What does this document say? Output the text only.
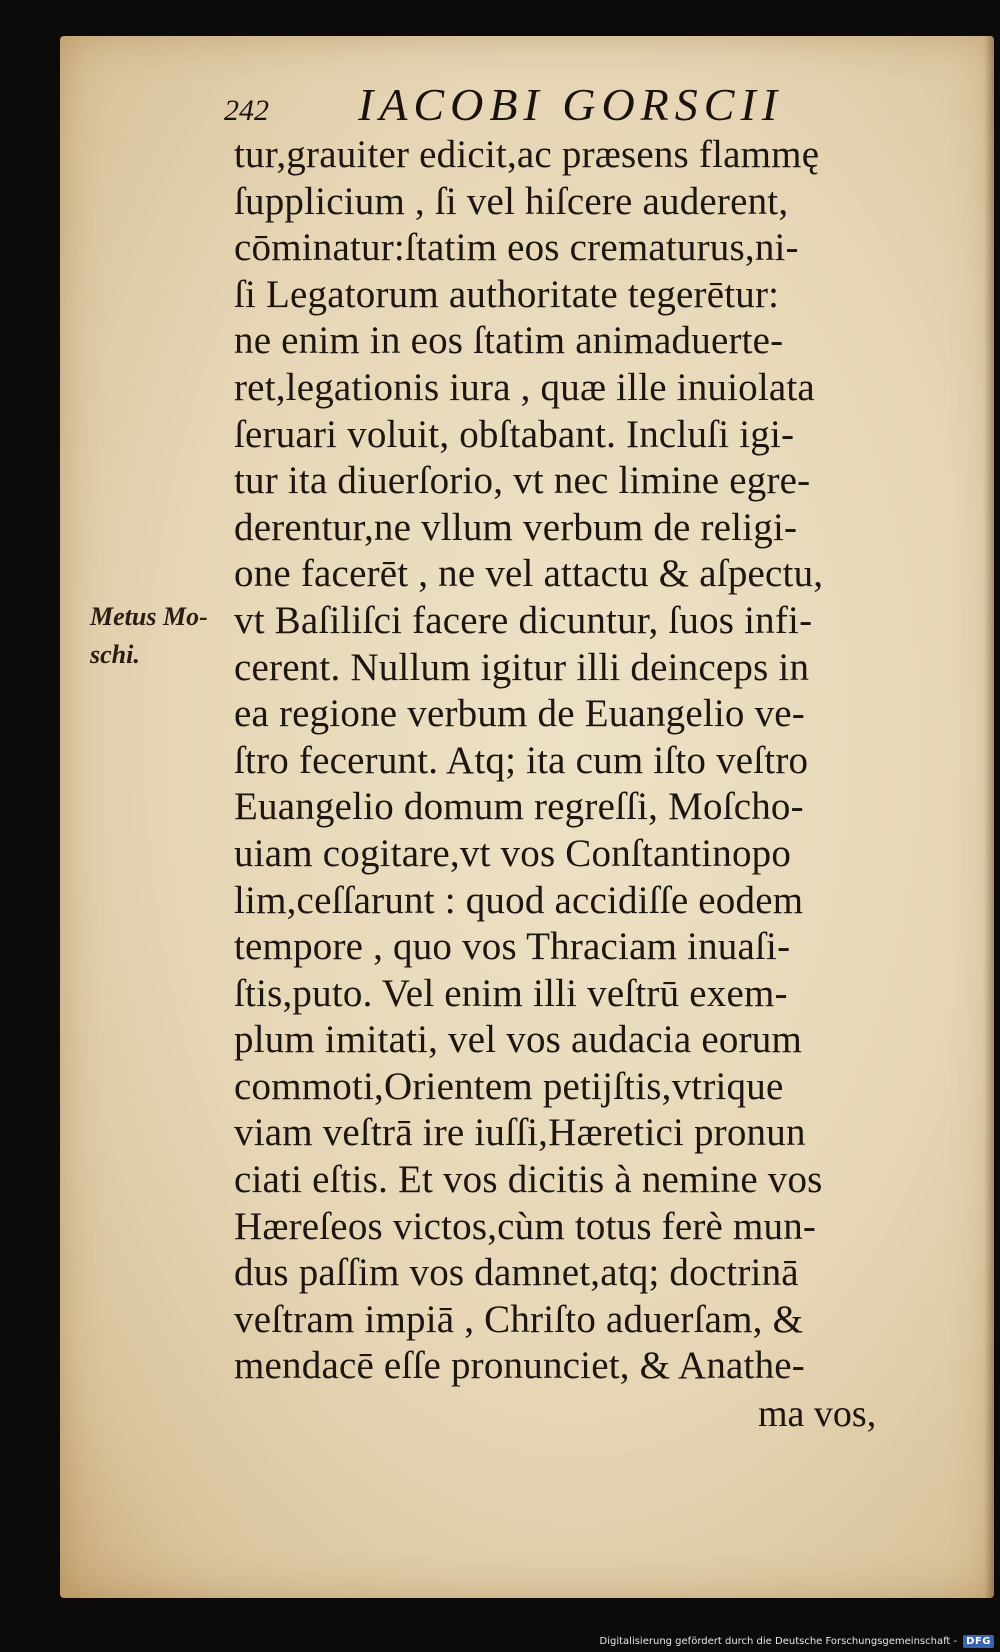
242 IACOBI GORSCII
Metus Mo-
schi.
tur,grauiter edicit,ac præsens flammę
ſupplicium , ſi vel hiſcere auderent,
cōminatur:ſtatim eos crematurus,ni-
ſi Legatorum authoritate tegerētur:
ne enim in eos ſtatim animaduerte-
ret,legationis iura , quæ ille inuiolata
ſeruari voluit, obſtabant. Incluſi igi-
tur ita diuerſorio, vt nec limine egre-
derentur,ne vllum verbum de religi-
one facerēt , ne vel attactu & aſpectu,
vt Baſiliſci facere dicuntur, ſuos infi-
cerent. Nullum igitur illi deinceps in
ea regione verbum de Euangelio ve-
ſtro fecerunt. Atq; ita cum iſto veſtro
Euangelio domum regreſſi, Moſcho-
uiam cogitare,vt vos Conſtantinopo
lim,ceſſarunt : quod accidiſſe eodem
tempore , quo vos Thraciam inuaſi-
ſtis,puto. Vel enim illi veſtrū exem-
plum imitati, vel vos audacia eorum
commoti,Orientem petijſtis,vtrique
viam veſtrā ire iuſſi,Hæretici pronun
ciati eſtis. Et vos dicitis à nemine vos
Hæreſeos victos,cùm totus ferè mun-
dus paſſim vos damnet,atq; doctrinā
veſtram impiā , Chriſto aduerſam, &
mendacē eſſe pronunciet, & Anathe-
ma vos,
Digitalisierung gefördert durch die Deutsche Forschungsgemeinschaft - DFG
